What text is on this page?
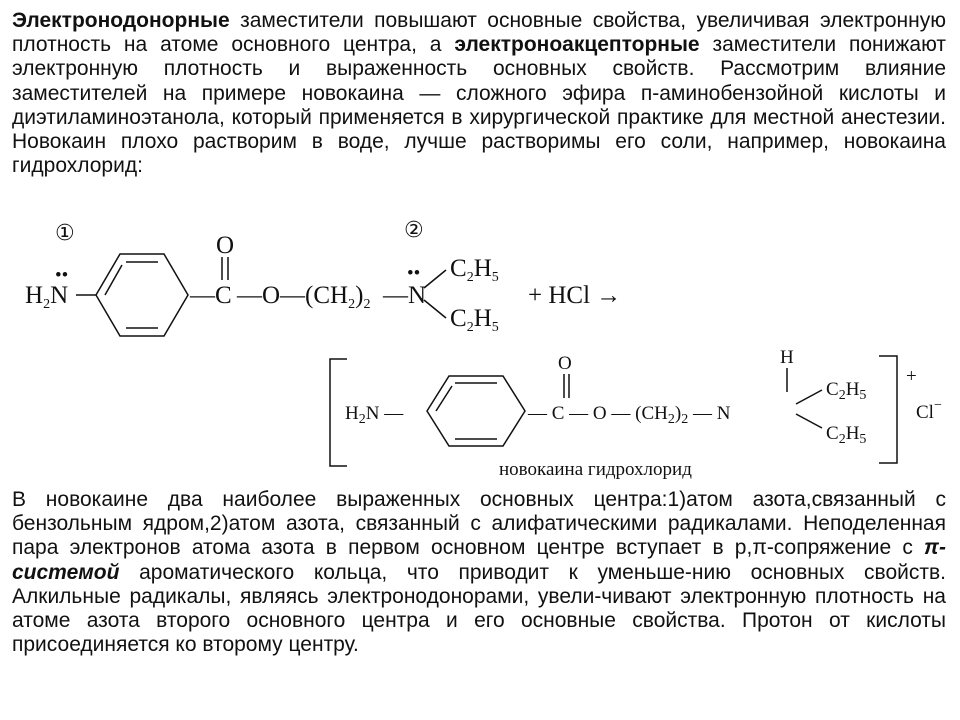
Электронодонорные заместители повышают основные свойства, увеличивая электронную плотность на атоме основного центра, а электроноакцепторные заместители понижают электронную плотность и выраженность основных свойств. Рассмотрим влияние заместителей на примере новокаина — сложного эфира п-аминобензойной кислоты и диэтиламиноэтанола, который применяется в хирургической практике для местной анестезии. Новокаин плохо растворим в воде, лучше растворимы его соли, например, новокаина гидрохлорид:
①	②
••
$H_2N$
O
—C $—O—(CH_2)_2$
••
—N
$C_2H_5$
$C_2H_5$
+ HCl →
$H_2N$ —
O
— C — O — $(CH_2)_2$ — N
H
$C_2H_5$
$C_2H_5$
+
Cl−
новокаина гидрохлорид
В новокаине два наиболее выраженных основных центра:1)атом азота,связанный с бензольным ядром,2)атом азота, связанный с алифатическими радикалами. Неподеленная пара электронов атома азота в первом основном центре вступает в р,π-сопряжение с π-системой ароматического кольца, что приводит к уменьше-нию основных свойств. Алкильные радикалы, являясь электронодонорами, увели-чивают электронную плотность на атоме азота второго основного центра и его основные свойства. Протон от кислоты присоединяется ко второму центру.
